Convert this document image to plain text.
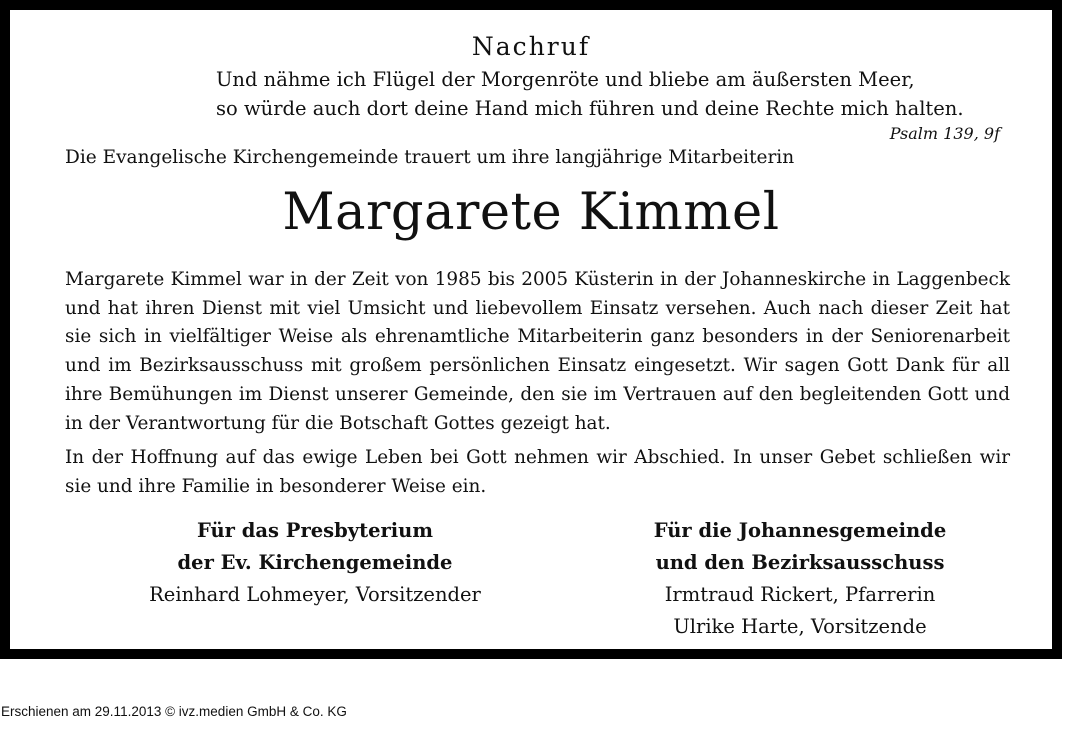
Nachruf
Und nähme ich Flügel der Morgenröte und bliebe am äußersten Meer,
so würde auch dort deine Hand mich führen und deine Rechte mich halten.
Psalm 139, 9f
Die Evangelische Kirchengemeinde trauert um ihre langjährige Mitarbeiterin
Margarete Kimmel

Margarete Kimmel war in der Zeit von 1985 bis 2005 Küsterin in der Johanneskirche in Laggenbeck und hat ihren Dienst mit viel Umsicht und liebevollem Einsatz versehen. Auch nach dieser Zeit hat sie sich in vielfältiger Weise als ehrenamtliche Mitarbeiterin ganz besonders in der Seniorenarbeit und im Bezirksausschuss mit großem persönlichen Einsatz eingesetzt. Wir sagen Gott Dank für all ihre Bemühungen im Dienst unserer Gemeinde, den sie im Vertrauen auf den begleitenden Gott und in der Verantwortung für die Botschaft Gottes gezeigt hat.

In der Hoffnung auf das ewige Leben bei Gott nehmen wir Abschied. In unser Gebet schließen wir sie und ihre Familie in besonderer Weise ein.

Für das Presbyterium
der Ev. Kirchengemeinde
Reinhard Lohmeyer, Vorsitzender
Für die Johannesgemeinde
und den Bezirksausschuss
Irmtraud Rickert, Pfarrerin
Ulrike Harte, Vorsitzende
Erschienen am 29.11.2013 © ivz.medien GmbH & Co. KG
